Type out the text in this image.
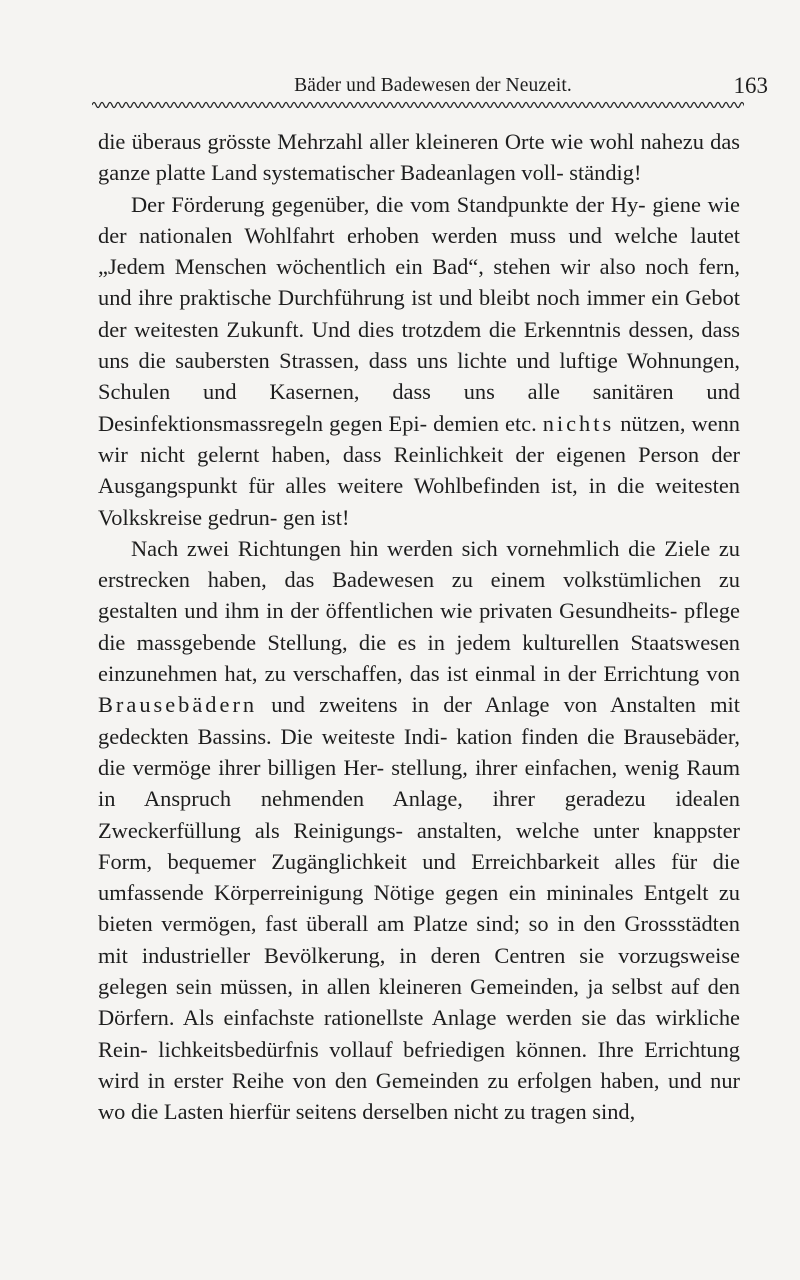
Bäder und Badewesen der Neuzeit.	163

die überaus grösste Mehrzahl aller kleineren Orte wie wohl nahezu das ganze platte Land systematischer Badeanlagen voll- ständig!

Der Förderung gegenüber, die vom Standpunkte der Hy- giene wie der nationalen Wohlfahrt erhoben werden muss und welche lautet „Jedem Menschen wöchentlich ein Bad“, stehen wir also noch fern, und ihre praktische Durchführung ist und bleibt noch immer ein Gebot der weitesten Zukunft. Und dies trotzdem die Erkenntnis dessen, dass uns die saubersten Strassen, dass uns lichte und luftige Wohnungen, Schulen und Kasernen, dass uns alle sanitären und Desinfektionsmassregeln gegen Epi- demien etc. nichts nützen, wenn wir nicht gelernt haben, dass Reinlichkeit der eigenen Person der Ausgangspunkt für alles weitere Wohlbefinden ist, in die weitesten Volkskreise gedrun- gen ist!

Nach zwei Richtungen hin werden sich vornehmlich die Ziele zu erstrecken haben, das Badewesen zu einem volkstümlichen zu gestalten und ihm in der öffentlichen wie privaten Gesundheits- pflege die massgebende Stellung, die es in jedem kulturellen Staatswesen einzunehmen hat, zu verschaffen, das ist einmal in der Errichtung von Brausebädern und zweitens in der Anlage von Anstalten mit gedeckten Bassins. Die weiteste Indi- kation finden die Brausebäder, die vermöge ihrer billigen Her- stellung, ihrer einfachen, wenig Raum in Anspruch nehmenden Anlage, ihrer geradezu idealen Zweckerfüllung als Reinigungs- anstalten, welche unter knappster Form, bequemer Zugänglichkeit und Erreichbarkeit alles für die umfassende Körperreinigung Nötige gegen ein mininales Entgelt zu bieten vermögen, fast überall am Platze sind; so in den Grossstädten mit industrieller Bevölkerung, in deren Centren sie vorzugsweise gelegen sein müssen, in allen kleineren Gemeinden, ja selbst auf den Dörfern. Als einfachste rationellste Anlage werden sie das wirkliche Rein- lichkeitsbedürfnis vollauf befriedigen können. Ihre Errichtung wird in erster Reihe von den Gemeinden zu erfolgen haben, und nur wo die Lasten hierfür seitens derselben nicht zu tragen sind,
